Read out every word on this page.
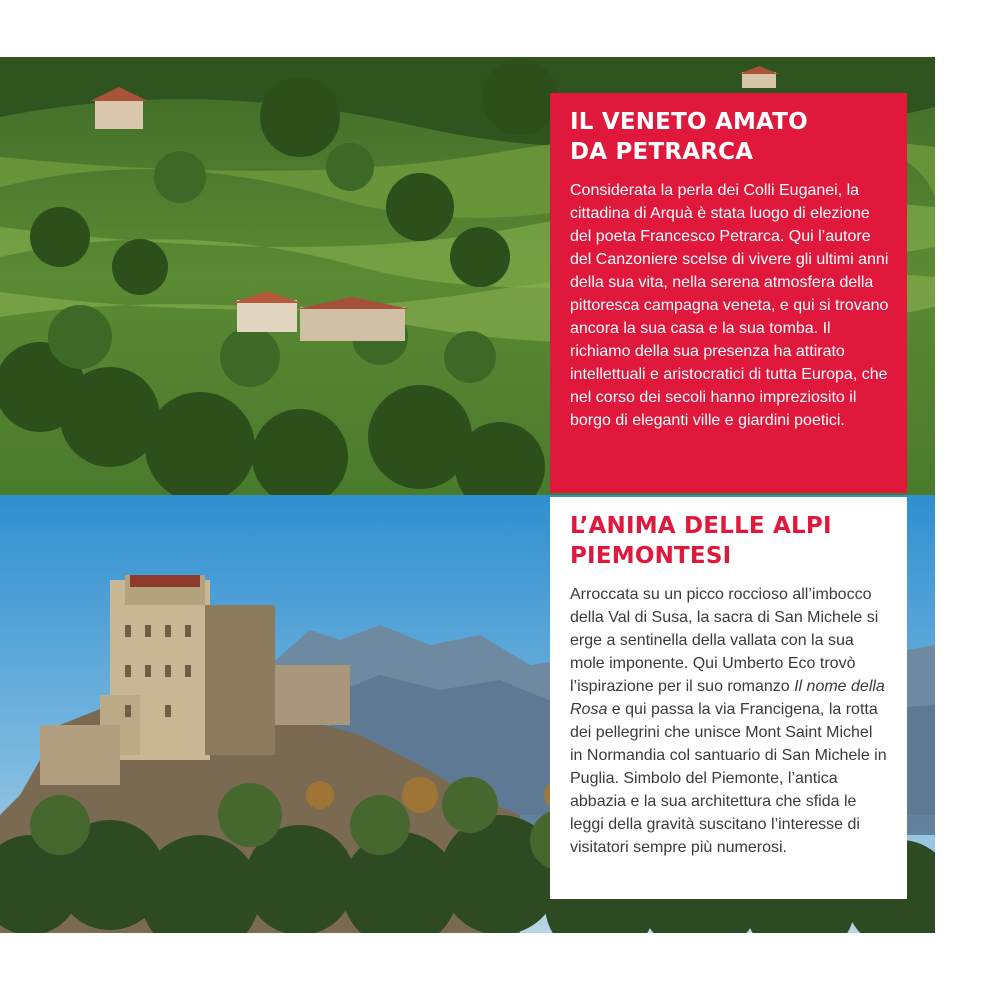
IL VENETO AMATO
DA PETRARCA

Considerata la perla dei Colli Euganei, la cittadina di Arquà è stata luogo di elezione del poeta Francesco Petrarca. Qui l’autore del Canzoniere scelse di vivere gli ultimi anni della sua vita, nella serena atmosfera della pittoresca campagna veneta, e qui si trovano ancora la sua casa e la sua tomba. Il richiamo della sua presenza ha attirato intellettuali e aristocratici di tutta Europa, che nel corso dei secoli hanno impreziosito il borgo di eleganti ville e giardini poetici.

L’ANIMA DELLE ALPI
PIEMONTESI

Arroccata su un picco roccioso all’imbocco della Val di Susa, la sacra di San Michele si erge a sentinella della vallata con la sua mole imponente. Qui Umberto Eco trovò l’ispirazione per il suo romanzo Il nome della Rosa e qui passa la via Francigena, la rotta dei pellegrini che unisce Mont Saint Michel in Normandia col santuario di San Michele in Puglia. Simbolo del Piemonte, l’antica abbazia e la sua architettura che sfida le leggi della gravità suscitano l’interesse di visitatori sempre più numerosi.
